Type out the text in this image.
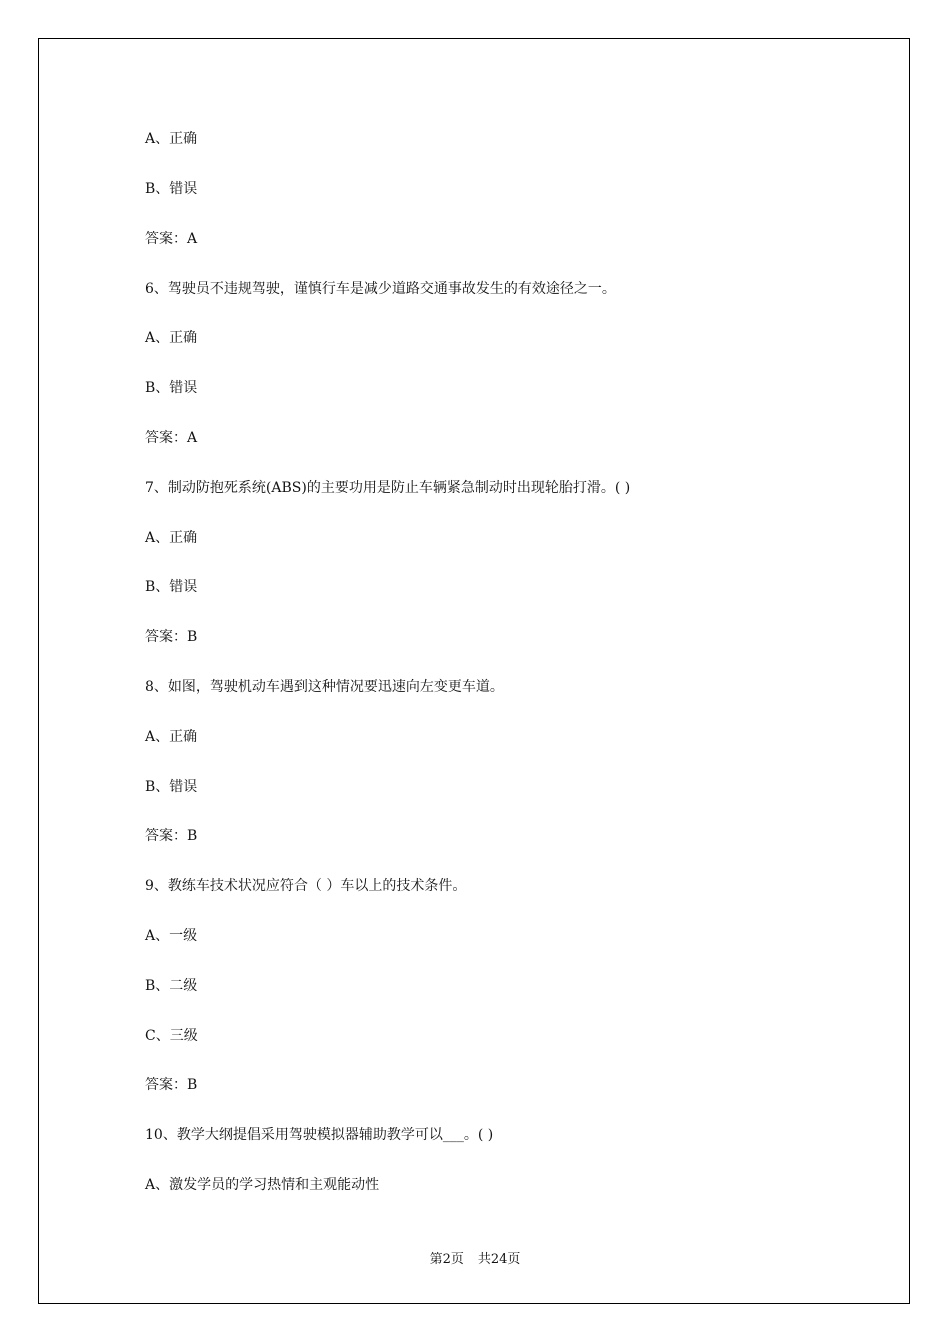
A、正确

B、错误

答案：A

6、驾驶员不违规驾驶，谨慎行车是减少道路交通事故发生的有效途径之一。

A、正确

B、错误

答案：A

7、制动防抱死系统(ABS)的主要功用是防止车辆紧急制动时出现轮胎打滑。( )

A、正确

B、错误

答案：B

8、如图，驾驶机动车遇到这种情况要迅速向左变更车道。

A、正确

B、错误

答案：B

9、教练车技术状况应符合（ ）车以上的技术条件。

A、一级

B、二级

C、三级

答案：B

10、教学大纲提倡采用驾驶模拟器辅助教学可以___。( )

A、激发学员的学习热情和主观能动性

第2页 共24页
